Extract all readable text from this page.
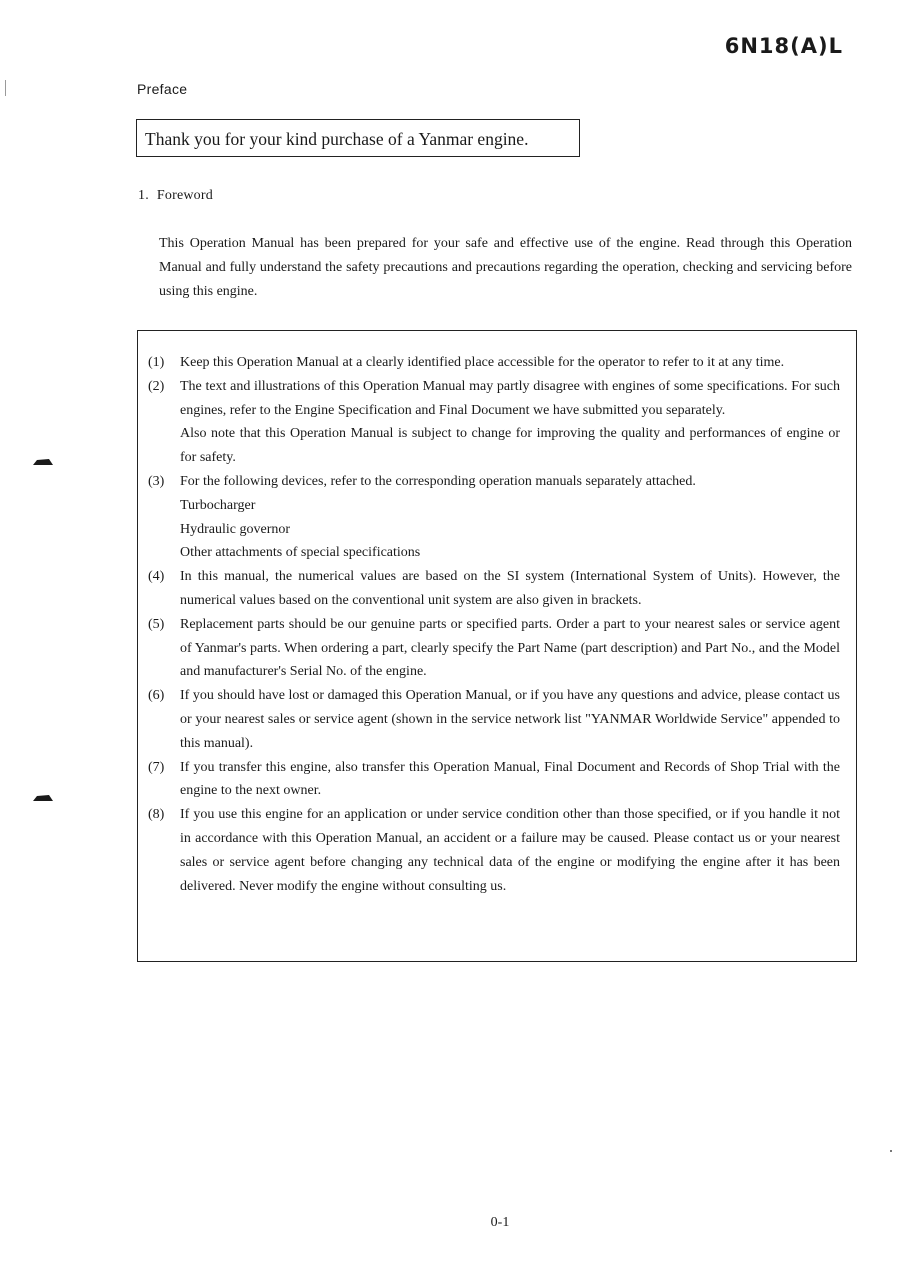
6N18(A)L
Preface
Thank you for your kind purchase of a Yanmar engine.
1. Foreword
This Operation Manual has been prepared for your safe and effective use of the engine. Read through this Operation Manual and fully understand the safety precautions and precautions regarding the operation, checking and servicing before using this engine.
(1) Keep this Operation Manual at a clearly identified place accessible for the operator to refer to it at any time.

(2) The text and illustrations of this Operation Manual may partly disagree with engines of some specifications. For such engines, refer to the Engine Specification and Final Document we have submitted you separately.

Also note that this Operation Manual is subject to change for improving the quality and performances of engine or for safety.

(3) For the following devices, refer to the corresponding operation manuals separately attached.

Turbocharger

Hydraulic governor

Other attachments of special specifications

(4) In this manual, the numerical values are based on the SI system (International System of Units). However, the numerical values based on the conventional unit system are also given in brackets.

(5) Replacement parts should be our genuine parts or specified parts. Order a part to your nearest sales or service agent of Yanmar's parts. When ordering a part, clearly specify the Part Name (part description) and Part No., and the Model and manufacturer's Serial No. of the engine.

(6) If you should have lost or damaged this Operation Manual, or if you have any questions and advice, please contact us or your nearest sales or service agent (shown in the service network list "YANMAR Worldwide Service" appended to this manual).

(7) If you transfer this engine, also transfer this Operation Manual, Final Document and Records of Shop Trial with the engine to the next owner.

(8) If you use this engine for an application or under service condition other than those specified, or if you handle it not in accordance with this Operation Manual, an accident or a failure may be caused. Please contact us or your nearest sales or service agent before changing any technical data of the engine or modifying the engine after it has been delivered. Never modify the engine without consulting us.

0-1
